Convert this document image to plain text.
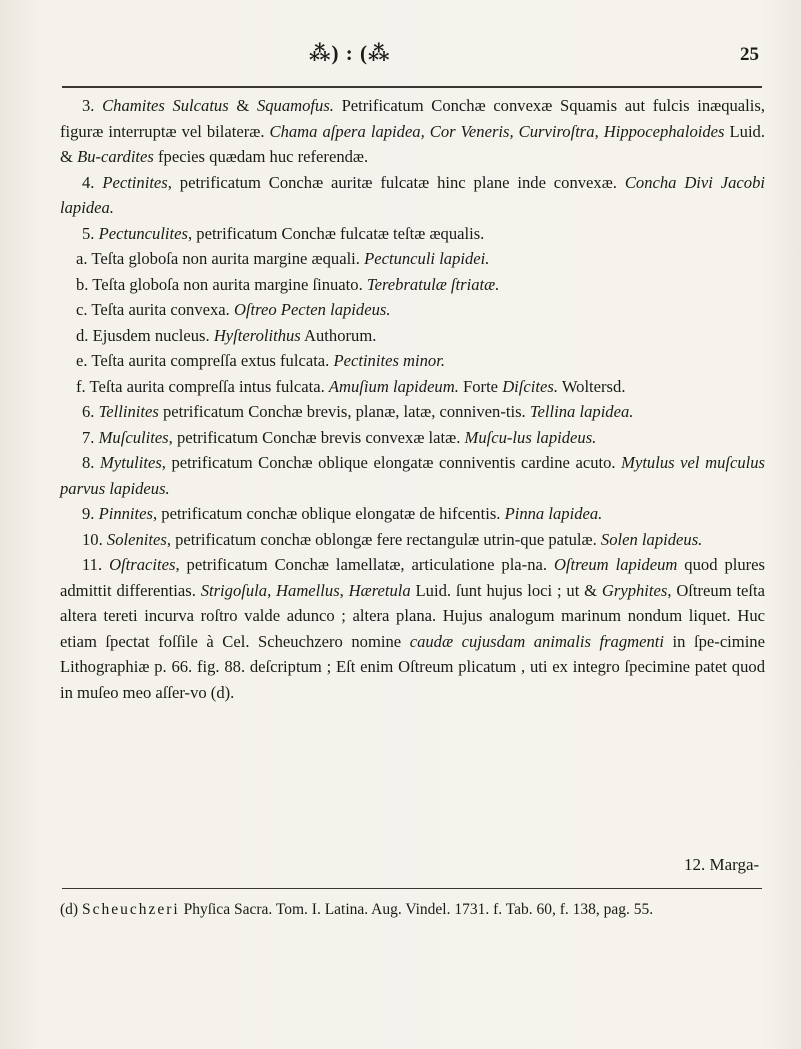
⁂) : (⁂	25

3. Chamites Sulcatus & Squamofus. Petrificatum Conchæ convexæ Squamis aut fulcis inæqualis, figuræ interruptæ vel bilateræ. Chama aſpera lapidea, Cor Veneris, Curviroſtra, Hippocephaloides Luid. & Bu-cardites fpecies quædam huc referendæ.

4. Pectinites, petrificatum Conchæ auritæ fulcatæ hinc plane inde convexæ. Concha Divi Jacobi lapidea.

5. Pectunculites, petrificatum Conchæ fulcatæ teſtæ æqualis.

a. Teſta globoſa non aurita margine æquali. Pectunculi lapidei.

b. Teſta globoſa non aurita margine ſinuato. Terebratulæ ſtriatæ.

c. Teſta aurita convexa. Oſtreo Pecten lapideus.

d. Ejusdem nucleus. Hyſterolithus Authorum.

e. Teſta aurita compreſſa extus fulcata. Pectinites minor.

f. Teſta aurita compreſſa intus fulcata. Amuſium lapideum. Forte Diſcites. Woltersd.

6. Tellinites petrificatum Conchæ brevis, planæ, latæ, conniven-tis. Tellina lapidea.

7. Muſculites, petrificatum Conchæ brevis convexæ latæ. Muſcu-lus lapideus.

8. Mytulites, petrificatum Conchæ oblique elongatæ conniventis cardine acuto. Mytulus vel muſculus parvus lapideus.

9. Pinnites, petrificatum conchæ oblique elongatæ de hifcentis. Pinna lapidea.

10. Solenites, petrificatum conchæ oblongæ fere rectangulæ utrin-que patulæ. Solen lapideus.

11. Oſtracites, petrificatum Conchæ lamellatæ, articulatione pla-na. Oſtreum lapideum quod plures admittit differentias. Strigoſula, Hamellus, Hæretula Luid. ſunt hujus loci ; ut & Gryphites, Oſtreum teſta altera tereti incurva roſtro valde adunco ; altera plana. Hujus analogum marinum nondum liquet. Huc etiam ſpectat foſſile à Cel. Scheuchzero nomine caudæ cujusdam animalis fragmenti in ſpe-cimine Lithographiæ p. 66. fig. 88. deſcriptum ; Eſt enim Oſtreum plicatum , uti ex integro ſpecimine patet quod in muſeo meo aſſer-vo (d).

12. Marga-
(d) Scheuchzeri Phyſica Sacra. Tom. I. Latina. Aug. Vindel. 1731. f. Tab. 60, f. 138, pag. 55.
